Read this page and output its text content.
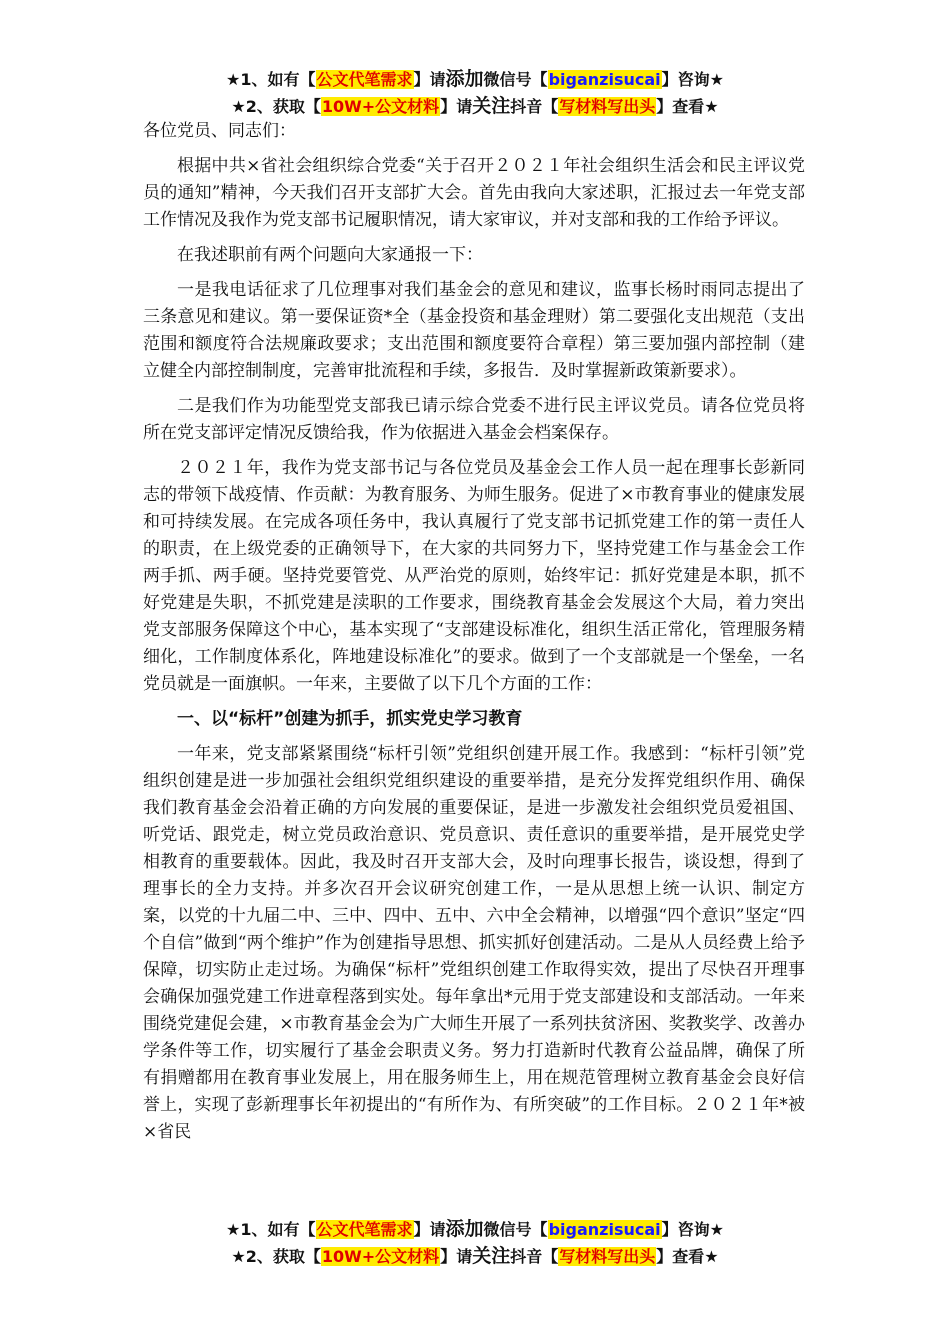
★1、如有【公文代笔需求】请添加微信号【biganzisucai】咨询★
★2、获取【10W+公文材料】请关注抖音【写材料写出头】查看★

各位党员、同志们：

根据中共×省社会组织综合党委“关于召开２０２１年社会组织生活会和民主评议党员的通知”精神，今天我们召开支部扩大会。首先由我向大家述职，汇报过去一年党支部工作情况及我作为党支部书记履职情况，请大家审议，并对支部和我的工作给予评议。

在我述职前有两个问题向大家通报一下：

一是我电话征求了几位理事对我们基金会的意见和建议，监事长杨时雨同志提出了三条意见和建议。第一要保证资*全（基金投资和基金理财）第二要强化支出规范（支出范围和额度符合法规廉政要求；支出范围和额度要符合章程）第三要加强内部控制（建立健全内部控制制度，完善审批流程和手续，多报告．及时掌握新政策新要求）。

二是我们作为功能型党支部我已请示综合党委不进行民主评议党员。请各位党员将所在党支部评定情况反馈给我，作为依据进入基金会档案保存。

２０２１年，我作为党支部书记与各位党员及基金会工作人员一起在理事长彭新同志的带领下战疫情、作贡献：为教育服务、为师生服务。促进了×市教育事业的健康发展和可持续发展。在完成各项任务中，我认真履行了党支部书记抓党建工作的第一责任人的职责，在上级党委的正确领导下，在大家的共同努力下，坚持党建工作与基金会工作两手抓、两手硬。坚持党要管党、从严治党的原则，始终牢记：抓好党建是本职，抓不好党建是失职，不抓党建是渎职的工作要求，围绕教育基金会发展这个大局，着力突出党支部服务保障这个中心，基本实现了“支部建设标准化，组织生活正常化，管理服务精细化，工作制度体系化，阵地建设标准化”的要求。做到了一个支部就是一个堡垒，一名党员就是一面旗帜。一年来，主要做了以下几个方面的工作：

一、以“标杆”创建为抓手，抓实党史学习教育

一年来，党支部紧紧围绕“标杆引领”党组织创建开展工作。我感到：“标杆引领”党组织创建是进一步加强社会组织党组织建设的重要举措，是充分发挥党组织作用、确保我们教育基金会沿着正确的方向发展的重要保证，是进一步激发社会组织党员爱祖国、听党话、跟党走，树立党员政治意识、党员意识、责任意识的重要举措，是开展党史学相教育的重要载体。因此，我及时召开支部大会，及时向理事长报告，谈设想，得到了理事长的全力支持。并多次召开会议研究创建工作，一是从思想上统一认识、制定方案，以党的十九届二中、三中、四中、五中、六中全会精神，以增强“四个意识”坚定“四个自信”做到“两个维护”作为创建指导思想、抓实抓好创建活动。二是从人员经费上给予保障，切实防止走过场。为确保“标杆”党组织创建工作取得实效，提出了尽快召开理事会确保加强党建工作进章程落到实处。每年拿出*元用于党支部建设和支部活动。一年来围绕党建促会建，×市教育基金会为广大师生开展了一系列扶贫济困、奖教奖学、改善办学条件等工作，切实履行了基金会职责义务。努力打造新时代教育公益品牌，确保了所有捐赠都用在教育事业发展上，用在服务师生上，用在规范管理树立教育基金会良好信誉上，实现了彭新理事长年初提出的“有所作为、有所突破”的工作目标。２０２１年*被×省民

★1、如有【公文代笔需求】请添加微信号【biganzisucai】咨询★
★2、获取【10W+公文材料】请关注抖音【写材料写出头】查看★
